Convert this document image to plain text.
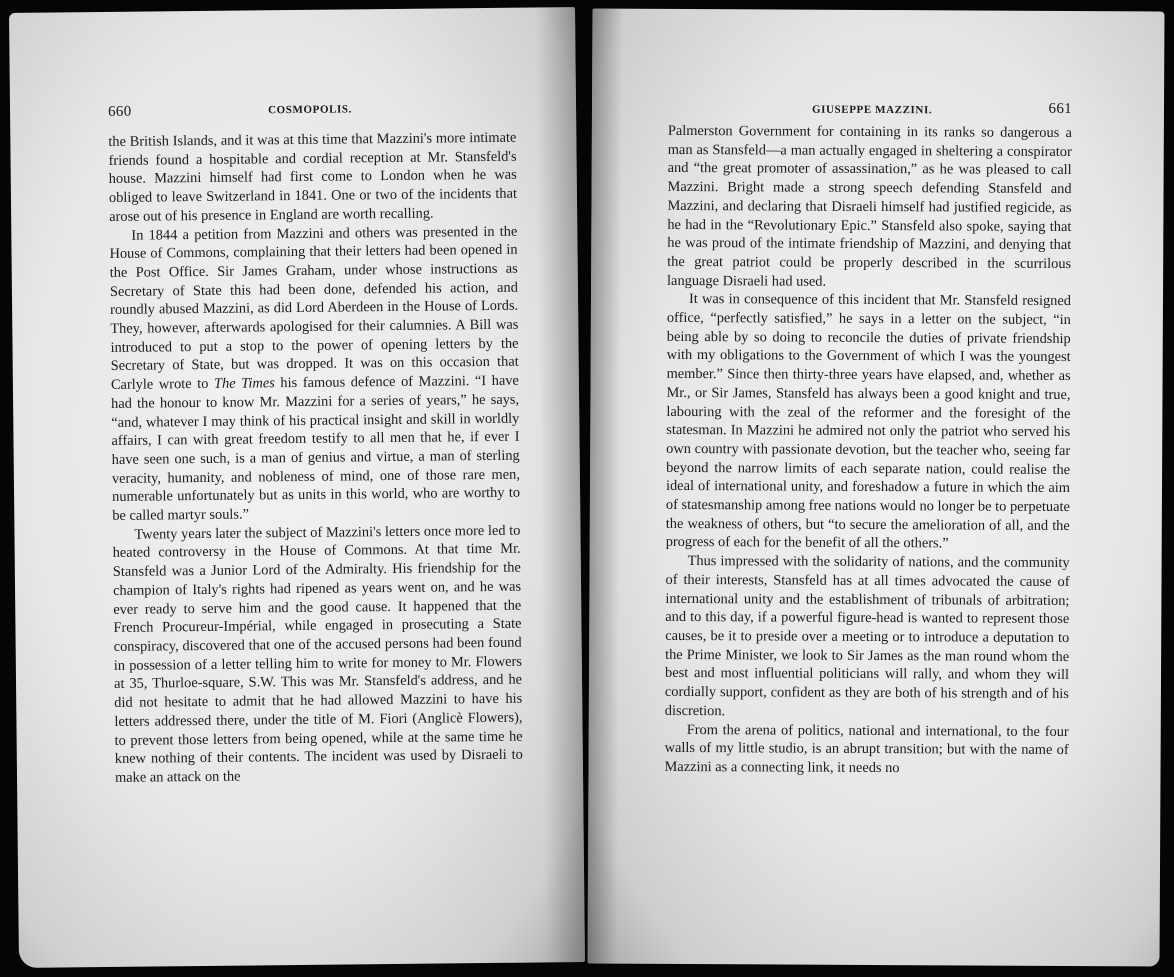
660	COSMOPOLIS.

the British Islands, and it was at this time that Mazzini's more intimate friends found a hospitable and cordial reception at Mr. Stansfeld's house. Mazzini himself had first come to London when he was obliged to leave Switzerland in 1841. One or two of the incidents that arose out of his presence in England are worth recalling.

In 1844 a petition from Mazzini and others was presented in the House of Commons, complaining that their letters had been opened in the Post Office. Sir James Graham, under whose instructions as Secretary of State this had been done, defended his action, and roundly abused Mazzini, as did Lord Aberdeen in the House of Lords. They, however, afterwards apologised for their calumnies. A Bill was introduced to put a stop to the power of opening letters by the Secretary of State, but was dropped. It was on this occasion that Carlyle wrote to The Times his famous defence of Mazzini. “I have had the honour to know Mr. Mazzini for a series of years,” he says, “and, whatever I may think of his practical insight and skill in worldly affairs, I can with great freedom testify to all men that he, if ever I have seen one such, is a man of genius and virtue, a man of sterling veracity, humanity, and nobleness of mind, one of those rare men, numerable unfortunately but as units in this world, who are worthy to be called martyr souls.”

Twenty years later the subject of Mazzini's letters once more led to heated controversy in the House of Commons. At that time Mr. Stansfeld was a Junior Lord of the Admiralty. His friendship for the champion of Italy's rights had ripened as years went on, and he was ever ready to serve him and the good cause. It happened that the French Procureur-Impérial, while engaged in prosecuting a State conspiracy, discovered that one of the accused persons had been found in possession of a letter telling him to write for money to Mr. Flowers at 35, Thurloe-square, S.W. This was Mr. Stansfeld's address, and he did not hesitate to admit that he had allowed Mazzini to have his letters addressed there, under the title of M. Fiori (Anglicè Flowers), to prevent those letters from being opened, while at the same time he knew nothing of their contents. The incident was used by Disraeli to make an attack on the

GIUSEPPE MAZZINI.	661

Palmerston Government for containing in its ranks so dangerous a man as Stansfeld—a man actually engaged in sheltering a conspirator and “the great promoter of assassination,” as he was pleased to call Mazzini. Bright made a strong speech defending Stansfeld and Mazzini, and declaring that Disraeli himself had justified regicide, as he had in the “Revolutionary Epic.” Stansfeld also spoke, saying that he was proud of the intimate friendship of Mazzini, and denying that the great patriot could be properly described in the scurrilous language Disraeli had used.

It was in consequence of this incident that Mr. Stansfeld resigned office, “perfectly satisfied,” he says in a letter on the subject, “in being able by so doing to reconcile the duties of private friendship with my obligations to the Government of which I was the youngest member.” Since then thirty-three years have elapsed, and, whether as Mr., or Sir James, Stansfeld has always been a good knight and true, labouring with the zeal of the reformer and the foresight of the statesman. In Mazzini he admired not only the patriot who served his own country with passionate devotion, but the teacher who, seeing far beyond the narrow limits of each separate nation, could realise the ideal of international unity, and foreshadow a future in which the aim of statesmanship among free nations would no longer be to perpetuate the weakness of others, but “to secure the amelioration of all, and the progress of each for the benefit of all the others.”

Thus impressed with the solidarity of nations, and the community of their interests, Stansfeld has at all times advocated the cause of international unity and the establishment of tribunals of arbitration; and to this day, if a powerful figure-head is wanted to represent those causes, be it to preside over a meeting or to introduce a deputation to the Prime Minister, we look to Sir James as the man round whom the best and most influential politicians will rally, and whom they will cordially support, confident as they are both of his strength and of his discretion.

From the arena of politics, national and international, to the four walls of my little studio, is an abrupt transition; but with the name of Mazzini as a connecting link, it needs no
